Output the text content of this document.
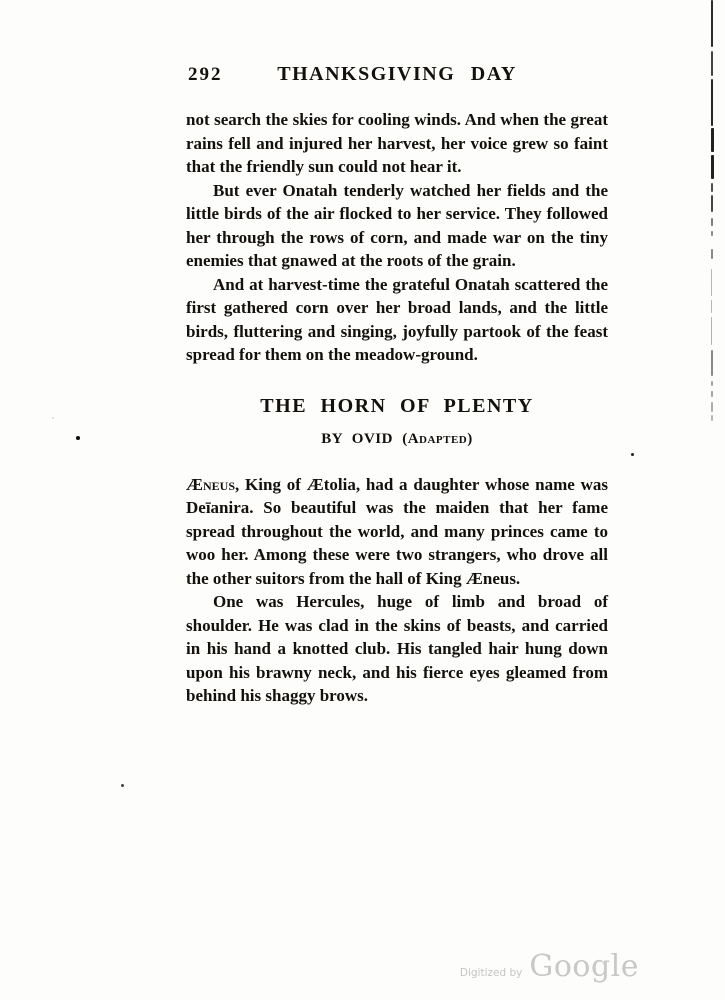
292	THANKSGIVING DAY
not search the skies for cooling winds. And when the great rains fell and injured her harvest, her voice grew so faint that the friendly sun could not hear it.
But ever Onatah tenderly watched her fields and the little birds of the air flocked to her service. They followed her through the rows of corn, and made war on the tiny enemies that gnawed at the roots of the grain.
And at harvest-time the grateful Onatah scattered the first gathered corn over her broad lands, and the little birds, fluttering and singing, joyfully partook of the feast spread for them on the meadow-ground.
THE HORN OF PLENTY
BY OVID (Adapted)
Æneus, King of Ætolia, had a daughter whose name was Deīanira. So beautiful was the maiden that her fame spread throughout the world, and many princes came to woo her. Among these were two strangers, who drove all the other suitors from the hall of King Æneus.
One was Hercules, huge of limb and broad of shoulder. He was clad in the skins of beasts, and carried in his hand a knotted club. His tangled hair hung down upon his brawny neck, and his fierce eyes gleamed from behind his shaggy brows.
Digitized by Google
